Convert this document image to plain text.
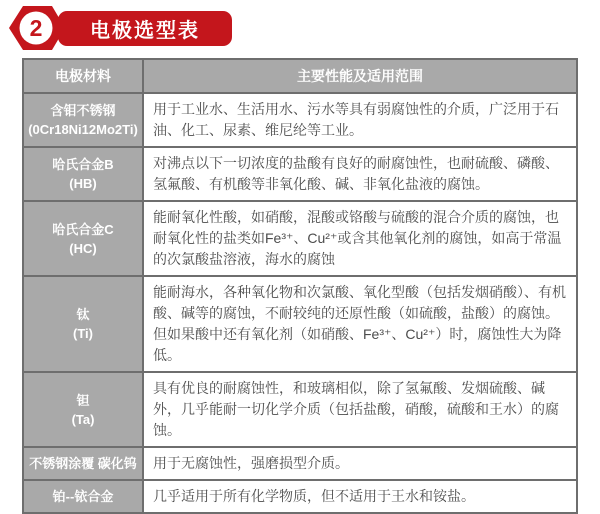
2 电极选型表
电极材料	主要性能及适用范围

含钼不锈钢
(0Cr18Ni12Mo2Ti)	用于工业水、生活用水、污水等具有弱腐蚀性的介质，广泛用于石油、化工、尿素、维尼纶等工业。

哈氏合金B
(HB)	对沸点以下一切浓度的盐酸有良好的耐腐蚀性，也耐硫酸、磷酸、氢氟酸、有机酸等非氧化酸、碱、非氧化盐液的腐蚀。

哈氏合金C
(HC)	能耐氧化性酸，如硝酸，混酸或铬酸与硫酸的混合介质的腐蚀，也耐氧化性的盐类如Fe³⁺、Cu²⁺或含其他氧化剂的腐蚀，如高于常温的次氯酸盐溶液，海水的腐蚀

钛
(Ti)	能耐海水，各种氧化物和次氯酸、氧化型酸（包括发烟硝酸）、有机酸、碱等的腐蚀，不耐较纯的还原性酸（如硫酸，盐酸）的腐蚀。但如果酸中还有氧化剂（如硝酸、Fe³⁺、Cu²⁺）时，腐蚀性大为降低。

钽
(Ta)	具有优良的耐腐蚀性，和玻璃相似，除了氢氟酸、发烟硫酸、碱外，几乎能耐一切化学介质（包括盐酸，硝酸，硫酸和王水）的腐蚀。

不锈钢涂覆 碳化钨	用于无腐蚀性，强磨损型介质。

铂--铱合金	几乎适用于所有化学物质，但不适用于王水和铵盐。
